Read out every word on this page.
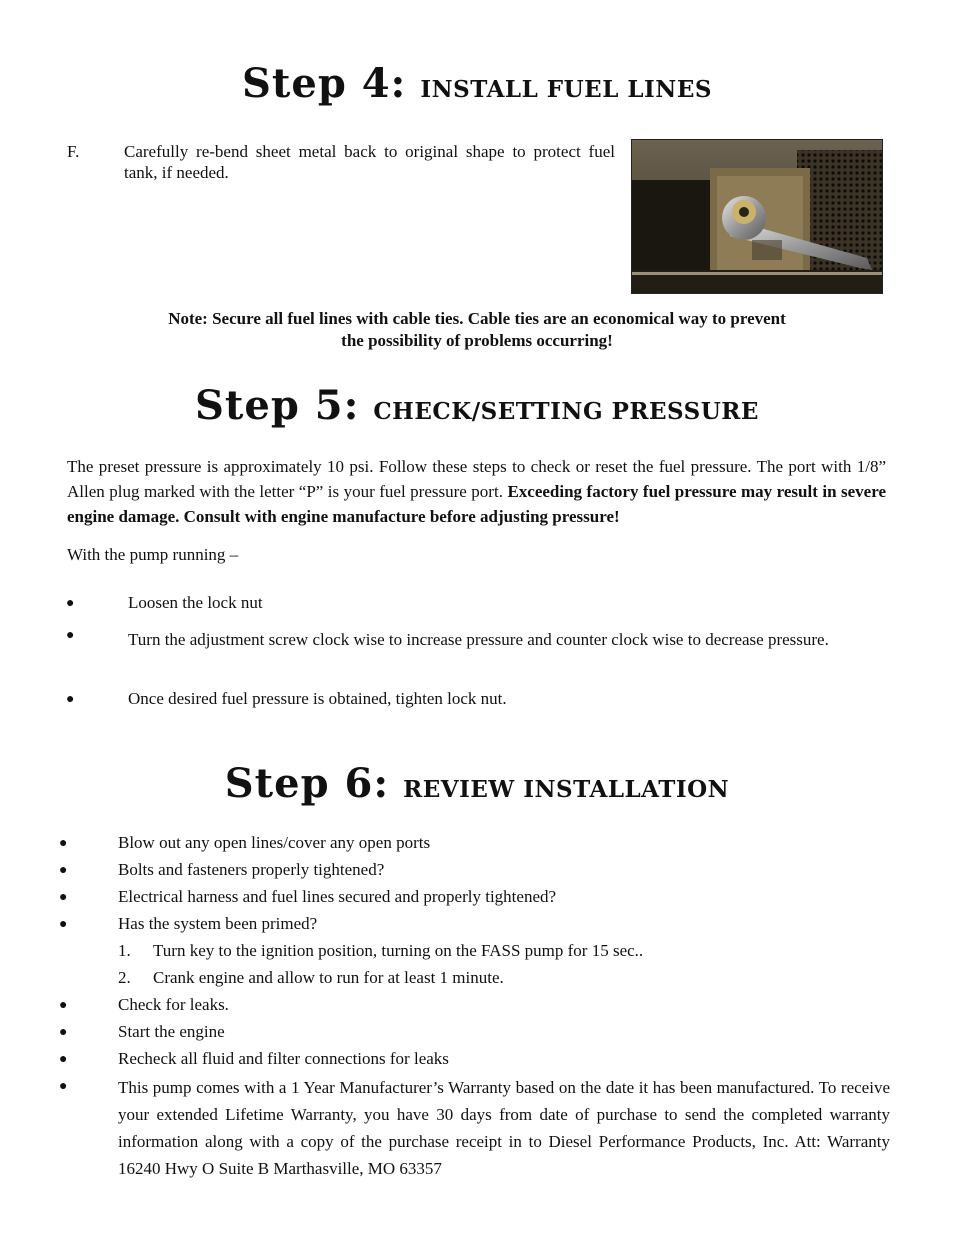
Step 4: INSTALL FUEL LINES
F.	Carefully re-bend sheet metal back to original shape to protect fuel tank, if needed.
Note: Secure all fuel lines with cable ties. Cable ties are an economical way to prevent
the possibility of problems occurring!
Step 5: CHECK/SETTING PRESSURE
The preset pressure is approximately 10 psi. Follow these steps to check or reset the fuel pressure. The port with 1/8” Allen plug marked with the letter “P” is your fuel pressure port. Exceeding factory fuel pressure may result in severe engine damage. Consult with engine manufacture before adjusting pressure!
With the pump running –
●	Loosen the lock nut
●	Turn the adjustment screw clock wise to increase pressure and counter clock wise to decrease pressure.
●	Once desired fuel pressure is obtained, tighten lock nut.
Step 6: REVIEW INSTALLATION
●	Blow out any open lines/cover any open ports
●	Bolts and fasteners properly tightened?
●	Electrical harness and fuel lines secured and properly tightened?
●	Has the system been primed?
1. Turn key to the ignition position, turning on the FASS pump for 15 sec..
2. Crank engine and allow to run for at least 1 minute.
●	Check for leaks.
●	Start the engine
●	Recheck all fluid and filter connections for leaks
●	This pump comes with a 1 Year Manufacturer’s Warranty based on the date it has been manufactured. To receive your extended Lifetime Warranty, you have 30 days from date of purchase to send the completed warranty information along with a copy of the purchase receipt in to Diesel Performance Products, Inc. Att: Warranty 16240 Hwy O Suite B Marthasville, MO 63357
